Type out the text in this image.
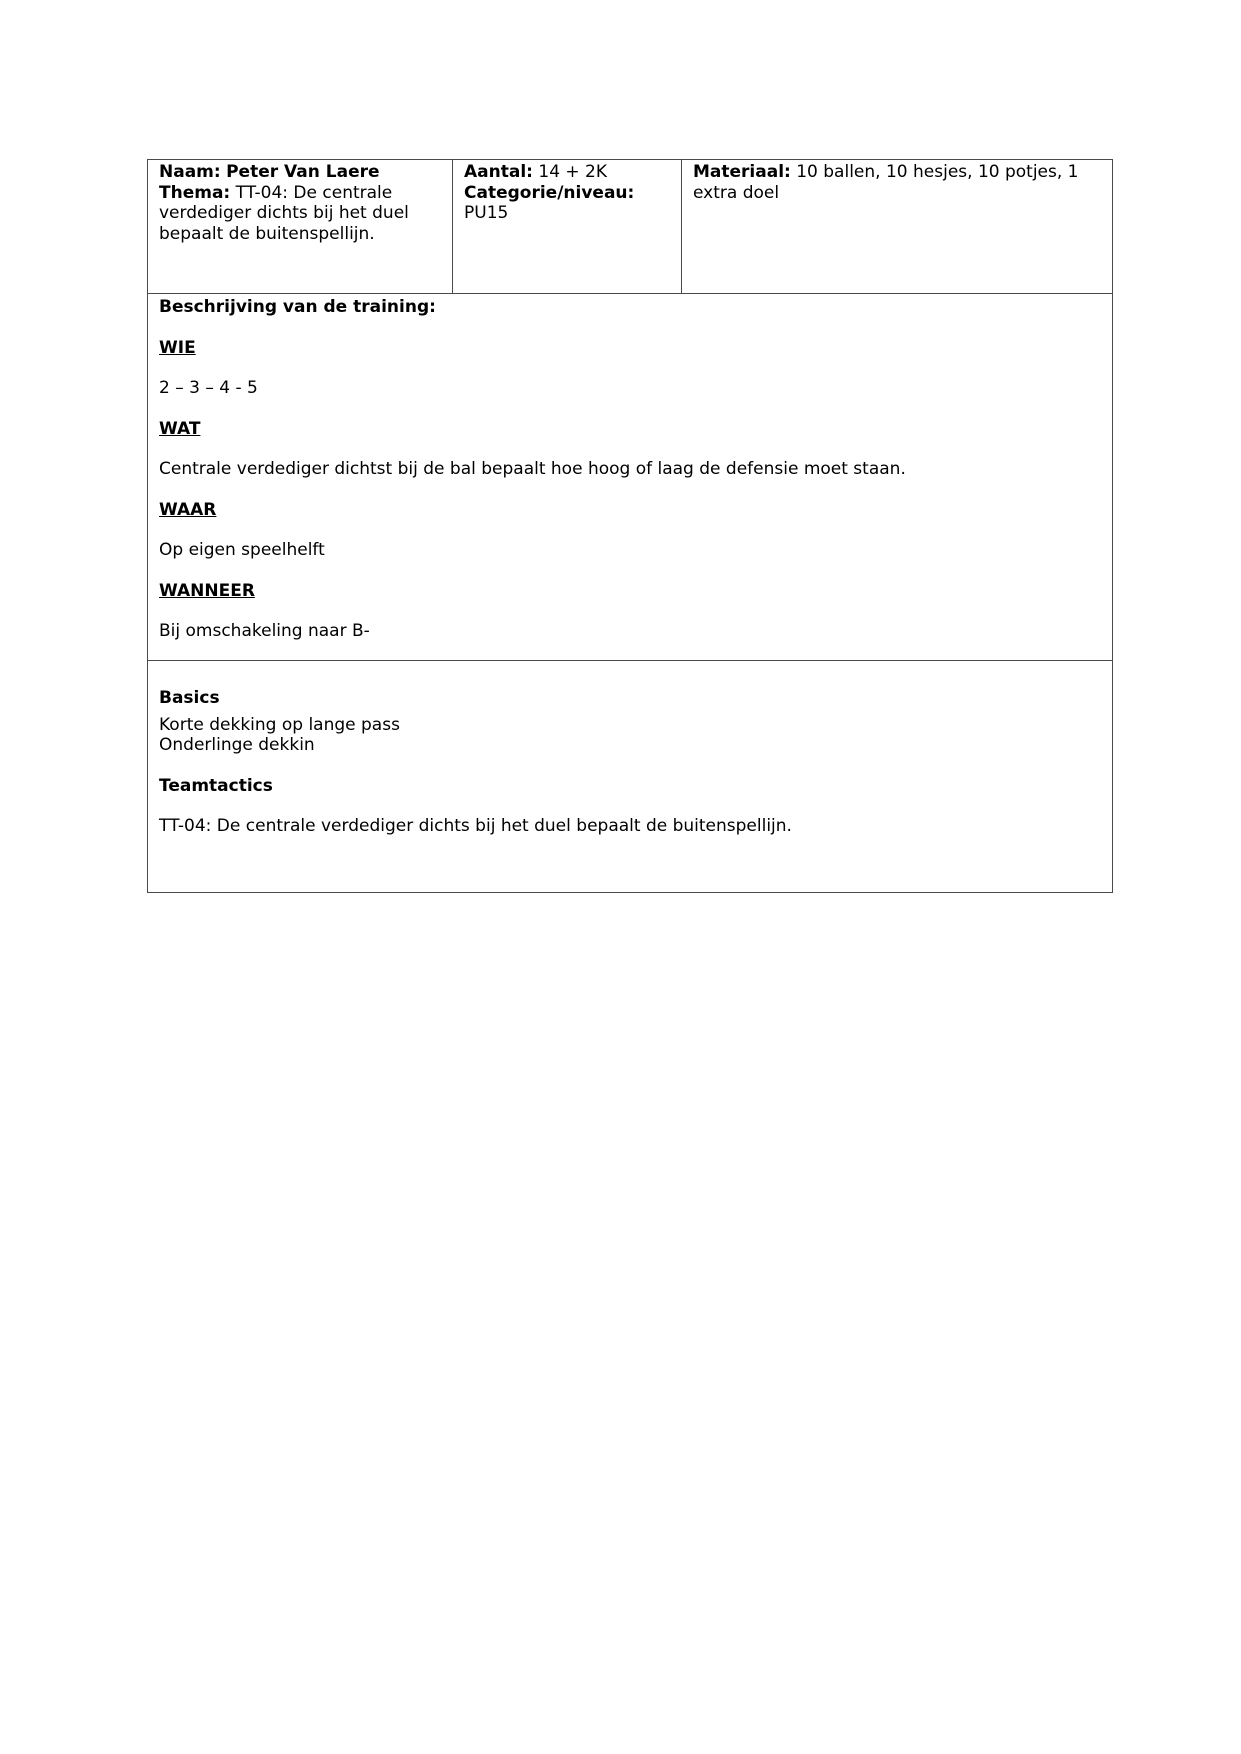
Naam: Peter Van Laere
Thema: TT-04: De centrale verdediger dichts bij het duel bepaalt de buitenspellijn.

Aantal: 14 + 2K
Categorie/niveau:
PU15

Materiaal: 10 ballen, 10 hesjes, 10 potjes, 1 extra doel

Beschrijving van de training:

WIE

2 – 3 – 4 - 5

WAT

Centrale verdediger dichtst bij de bal bepaalt hoe hoog of laag de defensie moet staan.

WAAR

Op eigen speelhelft

WANNEER

Bij omschakeling naar B-

Basics

Korte dekking op lange pass

Onderlinge dekkin

Teamtactics

TT-04: De centrale verdediger dichts bij het duel bepaalt de buitenspellijn.
